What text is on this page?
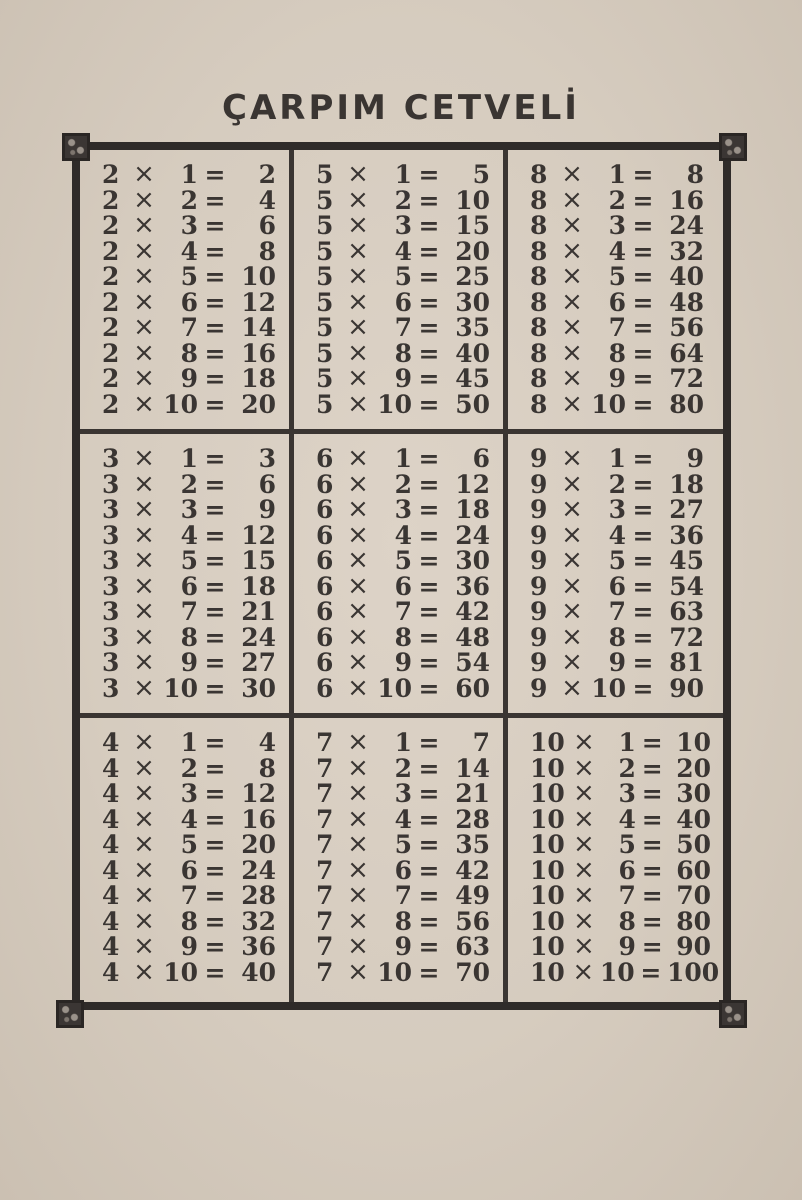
ÇARPIM CETVELİ
2 ×	1 =	2
2 ×	2 =	4
2 ×	3 =	6
2 ×	4 =	8
2 ×	5 = 10
2 ×	6 = 12
2 ×	7 = 14
2 ×	8 = 16
2 ×	9 = 18
2 × 10 = 20
5 ×	1 =	5
5 ×	2 = 10
5 ×	3 = 15
5 ×	4 = 20
5 ×	5 = 25
5 ×	6 = 30
5 ×	7 = 35
5 ×	8 = 40
5 ×	9 = 45
5 × 10 = 50
8 ×	1 =	8
8 ×	2 = 16
8 ×	3 = 24
8 ×	4 = 32
8 ×	5 = 40
8 ×	6 = 48
8 ×	7 = 56
8 ×	8 = 64
8 ×	9 = 72
8 × 10 = 80
3 ×	1 =	3
3 ×	2 =	6
3 ×	3 =	9
3 ×	4 = 12
3 ×	5 = 15
3 ×	6 = 18
3 ×	7 = 21
3 ×	8 = 24
3 ×	9 = 27
3 × 10 = 30
6 ×	1 =	6
6 ×	2 = 12
6 ×	3 = 18
6 ×	4 = 24
6 ×	5 = 30
6 ×	6 = 36
6 ×	7 = 42
6 ×	8 = 48
6 ×	9 = 54
6 × 10 = 60
9 ×	1 =	9
9 ×	2 = 18
9 ×	3 = 27
9 ×	4 = 36
9 ×	5 = 45
9 ×	6 = 54
9 ×	7 = 63
9 ×	8 = 72
9 ×	9 = 81
9 × 10 = 90
4 ×	1 =	4
4 ×	2 =	8
4 ×	3 = 12
4 ×	4 = 16
4 ×	5 = 20
4 ×	6 = 24
4 ×	7 = 28
4 ×	8 = 32
4 ×	9 = 36
4 × 10 = 40
7 ×	1 =	7
7 ×	2 = 14
7 ×	3 = 21
7 ×	4 = 28
7 ×	5 = 35
7 ×	6 = 42
7 ×	7 = 49
7 ×	8 = 56
7 ×	9 = 63
7 × 10 = 70
10 × 1 = 10
10 × 2 = 20
10 × 3 = 30
10 × 4 = 40
10 × 5 = 50
10 × 6 = 60
10 × 7 = 70
10 × 8 = 80
10 × 9 = 90
10 × 10 = 100
